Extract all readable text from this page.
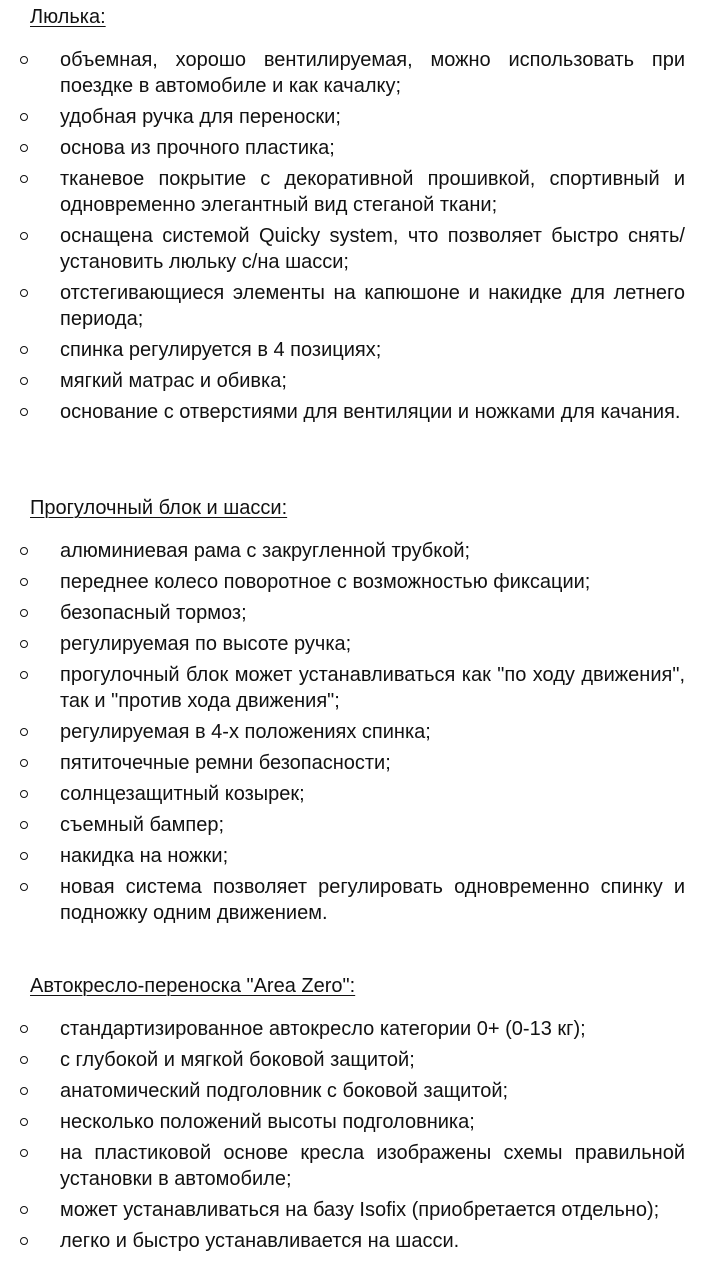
Люлька:
объемная, хорошо вентилируемая, можно использовать при поездке в автомобиле и как качалку;
удобная ручка для переноски;
основа из прочного пластика;
тканевое покрытие с декоративной прошивкой, спортивный и одновременно элегантный вид стеганой ткани;
оснащена системой Quicky system, что позволяет быстро снять/установить люльку с/на шасси;
отстегивающиеся элементы на капюшоне и накидке для летнего периода;
спинка регулируется в 4 позициях;
мягкий матрас и обивка;
основание с отверстиями для вентиляции и ножками для качания.
Прогулочный блок и шасси:
алюминиевая рама с закругленной трубкой;
переднее колесо поворотное с возможностью фиксации;
безопасный тормоз;
регулируемая по высоте ручка;
прогулочный блок может устанавливаться как "по ходу движения", так и "против хода движения";
регулируемая в 4-х положениях спинка;
пятиточечные ремни безопасности;
солнцезащитный козырек;
съемный бампер;
накидка на ножки;
новая система позволяет регулировать одновременно спинку и подножку одним движением.
Автокресло-переноска "Area Zero":
стандартизированное автокресло категории 0+ (0-13 кг);
с глубокой и мягкой боковой защитой;
анатомический подголовник с боковой защитой;
несколько положений высоты подголовника;
на пластиковой основе кресла изображены схемы правильной установки в автомобиле;
может устанавливаться на базу Isofix (приобретается отдельно);
легко и быстро устанавливается на шасси.
